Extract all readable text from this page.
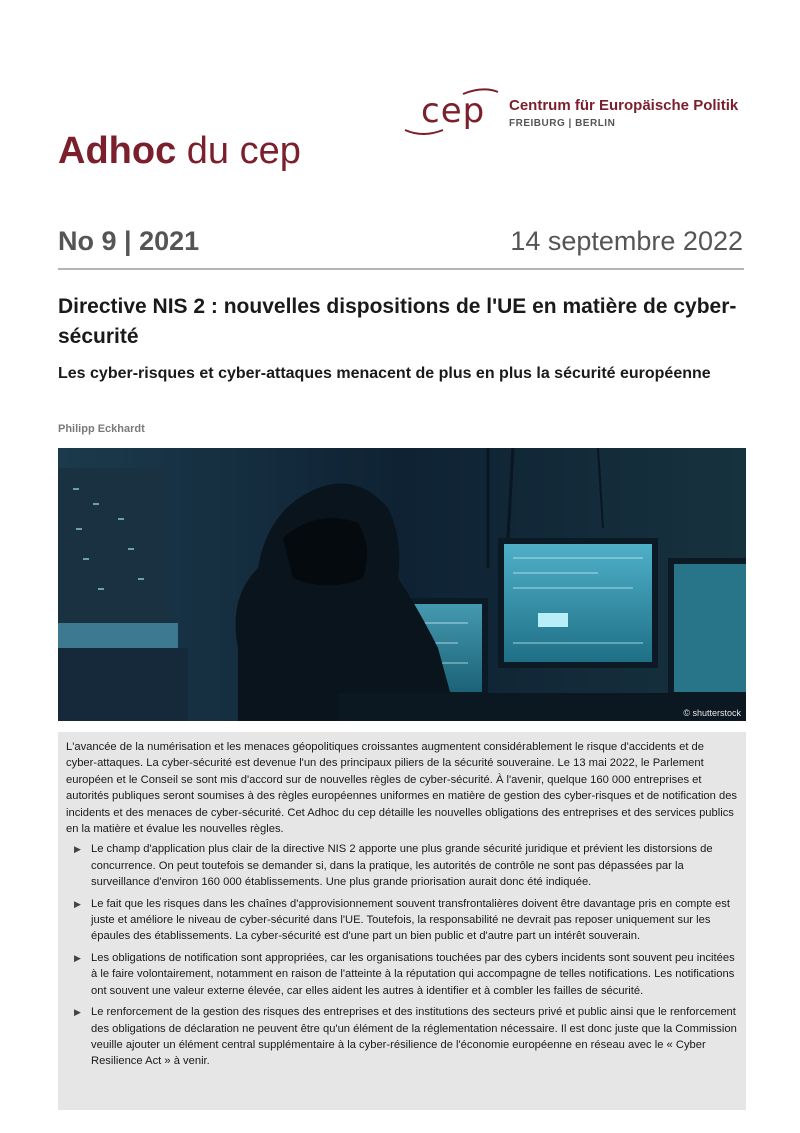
cep Centrum für Europäische Politik
FREIBURG | BERLIN
Adhoc du cep
No 9 | 2021	14 septembre 2022
Directive NIS 2 : nouvelles dispositions de l'UE en matière de cyber-sécurité
Les cyber-risques et cyber-attaques menacent de plus en plus la sécurité européenne
Philipp Eckhardt
© shutterstock

L'avancée de la numérisation et les menaces géopolitiques croissantes augmentent considérablement le risque d'accidents et de cyber-attaques. La cyber-sécurité est devenue l'un des principaux piliers de la sécurité souveraine. Le 13 mai 2022, le Parlement européen et le Conseil se sont mis d'accord sur de nouvelles règles de cyber-sécurité. À l'avenir, quelque 160 000 entreprises et autorités publiques seront soumises à des règles européennes uniformes en matière de gestion des cyber-risques et de notification des incidents et des menaces de cyber-sécurité. Cet Adhoc du cep détaille les nouvelles obligations des entreprises et des services publics en la matière et évalue les nouvelles règles.

▶ Le champ d'application plus clair de la directive NIS 2 apporte une plus grande sécurité juridique et prévient les distorsions de concurrence. On peut toutefois se demander si, dans la pratique, les autorités de contrôle ne sont pas dépassées par la surveillance d'environ 160 000 établissements. Une plus grande priorisation aurait donc été indiquée.
▶ Le fait que les risques dans les chaînes d'approvisionnement souvent transfrontalières doivent être davantage pris en compte est juste et améliore le niveau de cyber-sécurité dans l'UE. Toutefois, la responsabilité ne devrait pas reposer uniquement sur les épaules des établissements. La cyber-sécurité est d'une part un bien public et d'autre part un intérêt souverain.
▶ Les obligations de notification sont appropriées, car les organisations touchées par des cybers incidents sont souvent peu incitées à le faire volontairement, notamment en raison de l'atteinte à la réputation qui accompagne de telles notifications. Les notifications ont souvent une valeur externe élevée, car elles aident les autres à identifier et à combler les failles de sécurité.
▶ Le renforcement de la gestion des risques des entreprises et des institutions des secteurs privé et public ainsi que le renforcement des obligations de déclaration ne peuvent être qu'un élément de la réglementation nécessaire. Il est donc juste que la Commission veuille ajouter un élément central supplémentaire à la cyber-résilience de l'économie européenne en réseau avec le « Cyber Resilience Act » à venir.
